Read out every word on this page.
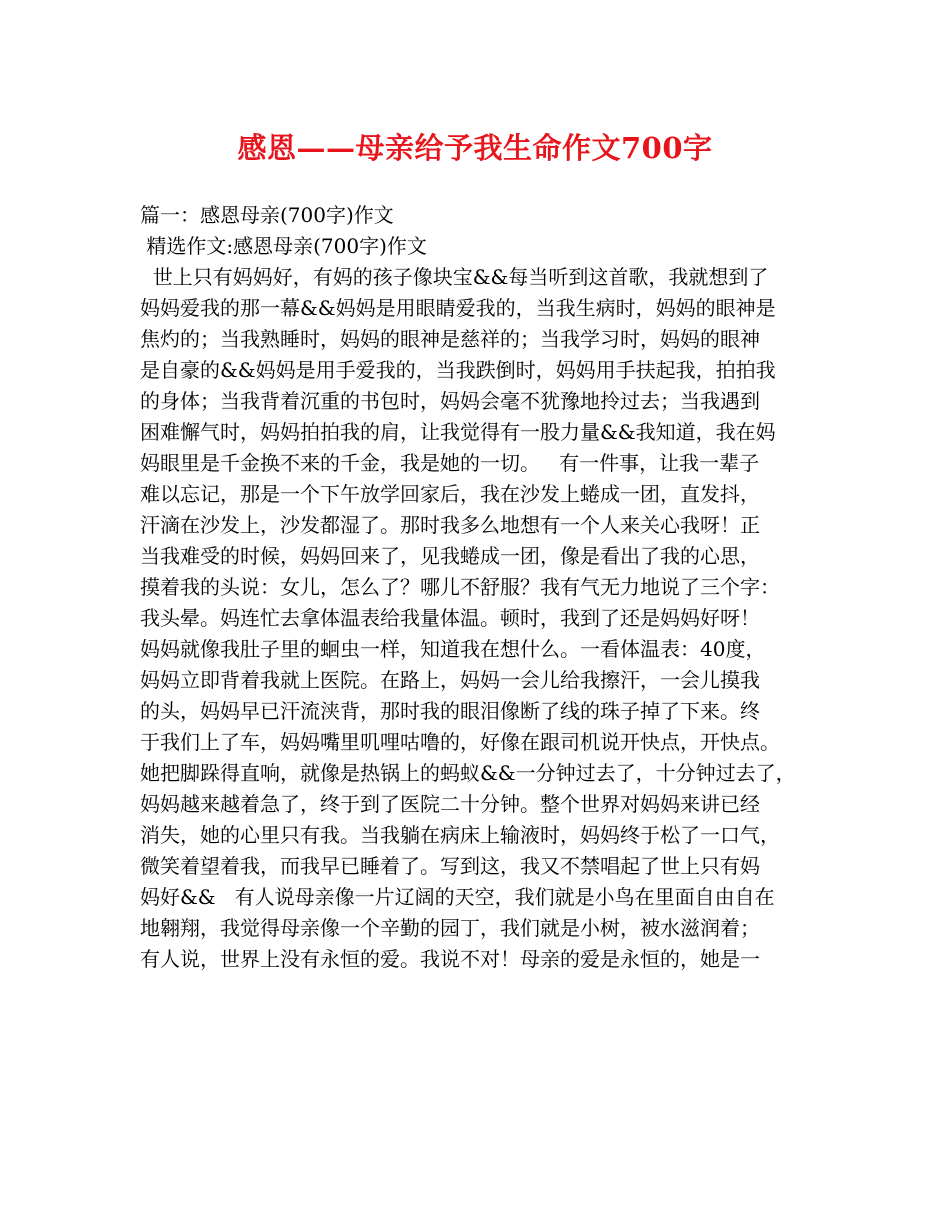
感恩——母亲给予我生命作文700字
篇一：感恩母亲(700字)作文
精选作文:感恩母亲(700字)作文
世上只有妈妈好，有妈的孩子像块宝&&每当听到这首歌，我就想到了
妈妈爱我的那一幕&&妈妈是用眼睛爱我的，当我生病时，妈妈的眼神是
焦灼的；当我熟睡时，妈妈的眼神是慈祥的；当我学习时，妈妈的眼神
是自豪的&&妈妈是用手爱我的，当我跌倒时，妈妈用手扶起我，拍拍我
的身体；当我背着沉重的书包时，妈妈会毫不犹豫地拎过去；当我遇到
困难懈气时，妈妈拍拍我的肩，让我觉得有一股力量&&我知道，我在妈
妈眼里是千金换不来的千金，我是她的一切。   有一件事，让我一辈子
难以忘记，那是一个下午放学回家后，我在沙发上蜷成一团，直发抖，
汗滴在沙发上，沙发都湿了。那时我多么地想有一个人来关心我呀！正
当我难受的时候，妈妈回来了，见我蜷成一团，像是看出了我的心思，
摸着我的头说：女儿，怎么了？哪儿不舒服？我有气无力地说了三个字：
我头晕。妈连忙去拿体温表给我量体温。顿时，我到了还是妈妈好呀！
妈妈就像我肚子里的蛔虫一样，知道我在想什么。一看体温表：40度，
妈妈立即背着我就上医院。在路上，妈妈一会儿给我擦汗，一会儿摸我
的头，妈妈早已汗流浃背，那时我的眼泪像断了线的珠子掉了下来。终
于我们上了车，妈妈嘴里叽哩咕噜的，好像在跟司机说开快点，开快点。
她把脚跺得直响，就像是热锅上的蚂蚁&&一分钟过去了，十分钟过去了，
妈妈越来越着急了，终于到了医院二十分钟。整个世界对妈妈来讲已经
消失，她的心里只有我。当我躺在病床上输液时，妈妈终于松了一口气，
微笑着望着我，而我早已睡着了。写到这，我又不禁唱起了世上只有妈
妈好&&   有人说母亲像一片辽阔的天空，我们就是小鸟在里面自由自在
地翱翔，我觉得母亲像一个辛勤的园丁，我们就是小树，被水滋润着；
有人说，世界上没有永恒的爱。我说不对！母亲的爱是永恒的，她是一
